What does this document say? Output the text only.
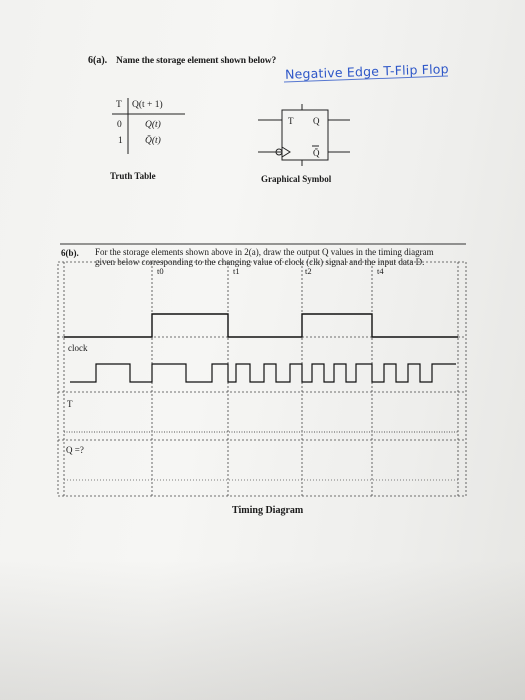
6(a). Name the storage element shown below?
Negative Edge T-Flip Flop
T Q(t + 1)
0 Q(t)
1 Q̄(t)
Truth Table
T Q
Q̄
Graphical Symbol
6(b). For the storage elements shown above in 2(a), draw the output Q values in the timing diagram given below corresponding to the changing value of clock (clk) signal and the input data D.
t0	t1	t2	t4
clock
T
Q =?
Timing Diagram
